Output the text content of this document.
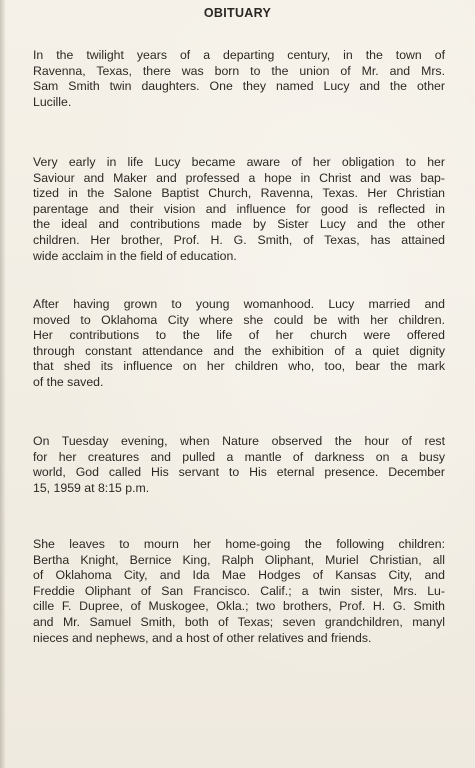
OBITUARY
In the twilight years of a departing century, in the town of
Ravenna, Texas, there was born to the union of Mr. and Mrs.
Sam Smith twin daughters. One they named Lucy and the other
Lucille.
Very early in life Lucy became aware of her obligation to her
Saviour and Maker and professed a hope in Christ and was bap-
tized in the Salone Baptist Church, Ravenna, Texas. Her Christian
parentage and their vision and influence for good is reflected in
the ideal and contributions made by Sister Lucy and the other
children. Her brother, Prof. H. G. Smith, of Texas, has attained
wide acclaim in the field of education.
After having grown to young womanhood. Lucy married and
moved to Oklahoma City where she could be with her children.
Her contributions to the life of her church were offered
through constant attendance and the exhibition of a quiet dignity
that shed its influence on her children who, too, bear the mark
of the saved.
On Tuesday evening, when Nature observed the hour of rest
for her creatures and pulled a mantle of darkness on a busy
world, God called His servant to His eternal presence. December
15, 1959 at 8:15 p.m.
She leaves to mourn her home-going the following children:
Bertha Knight, Bernice King, Ralph Oliphant, Muriel Christian, all
of Oklahoma City, and Ida Mae Hodges of Kansas City, and
Freddie Oliphant of San Francisco. Calif.; a twin sister, Mrs. Lu-
cille F. Dupree, of Muskogee, Okla.; two brothers, Prof. H. G. Smith
and Mr. Samuel Smith, both of Texas; seven grandchildren, manyl
nieces and nephews, and a host of other relatives and friends.
